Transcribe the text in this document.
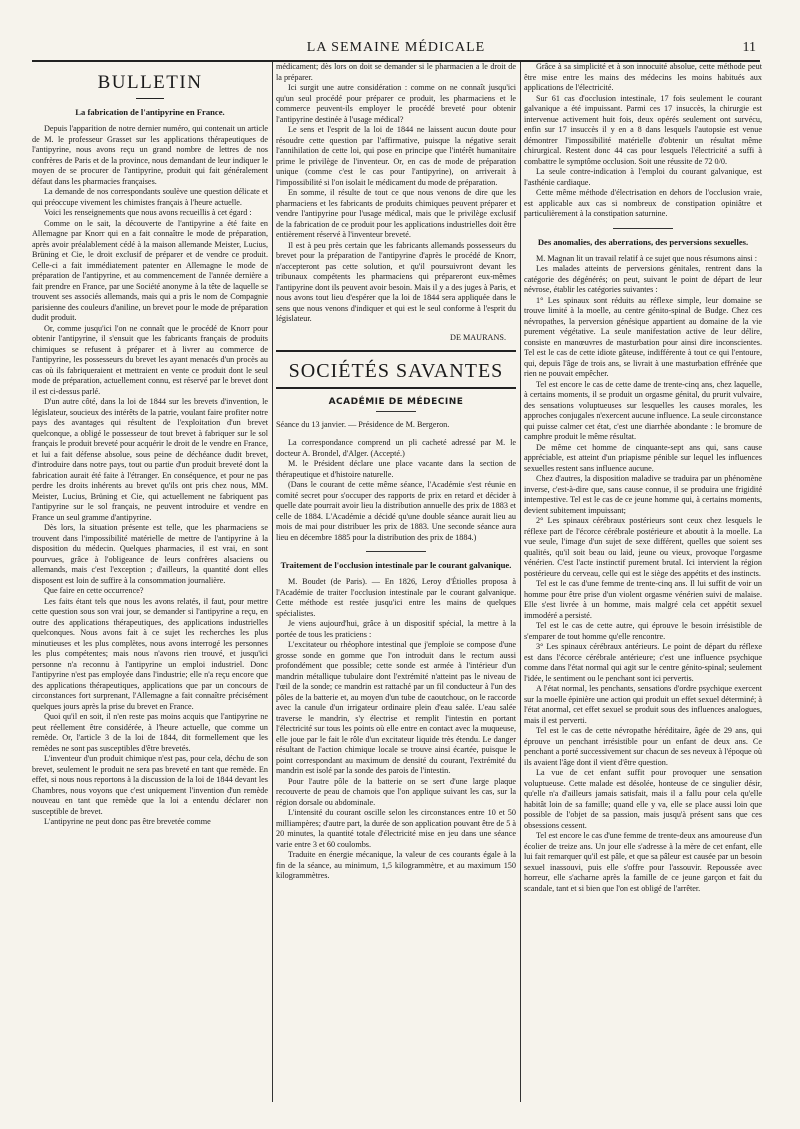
LA SEMAINE MÉDICALE	11
BULLETIN
La fabrication de l'antipyrine en France.

Depuis l'apparition de notre dernier numéro, qui contenait un article de M. le professeur Grasset sur les applications thérapeutiques de l'antipyrine, nous avons reçu un grand nombre de lettres de nos confrères de Paris et de la province, nous demandant de leur indiquer le moyen de se procurer de l'antipyrine, produit qui fait généralement défaut dans les pharmacies françaises.

La demande de nos correspondants soulève une question délicate et qui préoccupe vivement les chimistes français à l'heure actuelle.

Voici les renseignements que nous avons recueillis à cet égard :

Comme on le sait, la découverte de l'antipyrine a été faite en Allemagne par Knorr qui en a fait connaître le mode de préparation, après avoir préalablement cédé à la maison allemande Meister, Lucius, Brüning et Cie, le droit exclusif de préparer et de vendre ce produit. Celle-ci a fait immédiatement patenter en Allemagne le mode de préparation de l'antipyrine, et au commencement de l'année dernière a fait prendre en France, par une Société anonyme à la tête de laquelle se trouvent ses associés allemands, mais qui a pris le nom de Compagnie parisienne des couleurs d'aniline, un brevet pour le mode de préparation dudit produit.

Or, comme jusqu'ici l'on ne connaît que le procédé de Knorr pour obtenir l'antipyrine, il s'ensuit que les fabricants français de produits chimiques se refusent à préparer et à livrer au commerce de l'antipyrine, les possesseurs du brevet les ayant menacés d'un procès au cas où ils fabriqueraient et mettraient en vente ce produit dont le seul mode de préparation, actuellement connu, est réservé par le brevet dont il est ci-dessus parlé.

D'un autre côté, dans la loi de 1844 sur les brevets d'invention, le législateur, soucieux des intérêts de la patrie, voulant faire profiter notre pays des avantages qui résultent de l'exploitation d'un brevet quelconque, a obligé le possesseur de tout brevet à fabriquer sur le sol français le produit breveté pour acquérir le droit de le vendre en France, et lui a fait défense absolue, sous peine de déchéance dudit brevet, d'introduire dans notre pays, tout ou partie d'un produit breveté dont la fabrication aurait été faite à l'étranger. En conséquence, et pour ne pas perdre les droits inhérents au brevet qu'ils ont pris chez nous, MM. Meister, Lucius, Brüning et Cie, qui actuellement ne fabriquent pas l'antipyrine sur le sol français, ne peuvent introduire et vendre en France un seul gramme d'antipyrine.

Dès lors, la situation présente est telle, que les pharmaciens se trouvent dans l'impossibilité matérielle de mettre de l'antipyrine à la disposition du médecin. Quelques pharmacies, il est vrai, en sont pourvues, grâce à l'obligeance de leurs confrères alsaciens ou allemands, mais c'est l'exception ; d'ailleurs, la quantité dont elles disposent est loin de suffire à la consommation journalière.

Que faire en cette occurrence?

Les faits étant tels que nous les avons relatés, il faut, pour mettre cette question sous son vrai jour, se demander si l'antipyrine a reçu, en outre des applications thérapeutiques, des applications industrielles quelconques. Nous avons fait à ce sujet les recherches les plus minutieuses et les plus complètes, nous avons interrogé les personnes les plus compétentes; mais nous n'avons rien trouvé, et jusqu'ici personne n'a reconnu à l'antipyrine un emploi industriel. Donc l'antipyrine n'est pas employée dans l'industrie; elle n'a reçu encore que des applications thérapeutiques, applications que par un concours de circonstances fort surprenant, l'Allemagne a fait connaître précisément quelques jours après la prise du brevet en France.

Quoi qu'il en soit, il n'en reste pas moins acquis que l'antipyrine ne peut réellement être considérée, à l'heure actuelle, que comme un remède. Or, l'article 3 de la loi de 1844, dit formellement que les remèdes ne sont pas susceptibles d'être brevetés.

L'inventeur d'un produit chimique n'est pas, pour cela, déchu de son brevet, seulement le produit ne sera pas breveté en tant que remède. En effet, si nous nous reportons à la discussion de la loi de 1844 devant les Chambres, nous voyons que c'est uniquement l'invention d'un remède nouveau en tant que remède que la loi a entendu déclarer non susceptible de brevet.

L'antipyrine ne peut donc pas être brevetée comme

médicament; dès lors on doit se demander si le pharmacien a le droit de la préparer.

Ici surgit une autre considération : comme on ne connaît jusqu'ici qu'un seul procédé pour préparer ce produit, les pharmaciens et le commerce peuvent-ils employer le procédé breveté pour obtenir l'antipyrine destinée à l'usage médical?

Le sens et l'esprit de la loi de 1844 ne laissent aucun doute pour résoudre cette question par l'affirmative, puisque la négative serait l'annihilation de cette loi, qui pose en principe que l'intérêt humanitaire prime le privilège de l'inventeur. Or, en cas de mode de préparation unique (comme c'est le cas pour l'antipyrine), on arriverait à l'impossibilité si l'on isolait le médicament du mode de préparation.

En somme, il résulte de tout ce que nous venons de dire que les pharmaciens et les fabricants de produits chimiques peuvent préparer et vendre l'antipyrine pour l'usage médical, mais que le privilège exclusif de la fabrication de ce produit pour les applications industrielles doit être entièrement réservé à l'inventeur breveté.

Il est à peu près certain que les fabricants allemands possesseurs du brevet pour la préparation de l'antipyrine d'après le procédé de Knorr, n'accepteront pas cette solution, et qu'il poursuivront devant les tribunaux compétents les pharmaciens qui prépareront eux-mêmes l'antipyrine dont ils peuvent avoir besoin. Mais il y a des juges à Paris, et nous avons tout lieu d'espérer que la loi de 1844 sera appliquée dans le sens que nous venons d'indiquer et qui est le seul conforme à l'esprit du législateur.

DE MAURANS.
SOCIÉTÉS SAVANTES
ACADÉMIE DE MÉDECINE

Séance du 13 janvier. — Présidence de M. Bergeron.

La correspondance comprend un pli cacheté adressé par M. le docteur A. Brondel, d'Alger. (Accepté.)

M. le Président déclare une place vacante dans la section de thérapeutique et d'histoire naturelle.

(Dans le courant de cette même séance, l'Académie s'est réunie en comité secret pour s'occuper des rapports de prix en retard et décider à quelle date pourrait avoir lieu la distribution annuelle des prix de 1883 et celle de 1884. L'Académie a décidé qu'une double séance aurait lieu au mois de mai pour distribuer les prix de 1883. Une seconde séance aura lieu en décembre 1885 pour la distribution des prix de 1884.)

Traitement de l'occlusion intestinale par le courant galvanique.

M. Boudet (de Paris). — En 1826, Leroy d'Étiolles proposa à l'Académie de traiter l'occlusion intestinale par le courant galvanique. Cette méthode est restée jusqu'ici entre les mains de quelques spécialistes.

Je viens aujourd'hui, grâce à un dispositif spécial, la mettre à la portée de tous les praticiens :

L'excitateur ou rhéophore intestinal que j'emploie se compose d'une grosse sonde en gomme que l'on introduit dans le rectum aussi profondément que possible; cette sonde est armée à l'intérieur d'un mandrin métallique tubulaire dont l'extrémité n'atteint pas le niveau de l'œil de la sonde; ce mandrin est rattaché par un fil conducteur à l'un des pôles de la batterie et, au moyen d'un tube de caoutchouc, on le raccorde avec la canule d'un irrigateur ordinaire plein d'eau salée. L'eau salée traverse le mandrin, s'y électrise et remplit l'intestin en portant l'électricité sur tous les points où elle entre en contact avec la muqueuse, elle joue par le fait le rôle d'un excitateur liquide très étendu. Le danger résultant de l'action chimique locale se trouve ainsi écartée, puisque le point correspondant au maximum de densité du courant, l'extrémité du mandrin est isolé par la sonde des parois de l'intestin.

Pour l'autre pôle de la batterie on se sert d'une large plaque recouverte de peau de chamois que l'on applique suivant les cas, sur la région dorsale ou abdominale.

L'intensité du courant oscille selon les circonstances entre 10 et 50 milliampères; d'autre part, la durée de son application pouvant être de 5 à 20 minutes, la quantité totale d'électricité mise en jeu dans une séance varie entre 3 et 60 coulombs.

Traduite en énergie mécanique, la valeur de ces courants égale à la fin de la séance, au minimum, 1,5 kilogrammètre, et au maximum 150 kilogrammètres.

Grâce à sa simplicité et à son innocuité absolue, cette méthode peut être mise entre les mains des médecins les moins habitués aux applications de l'électricité.

Sur 61 cas d'occlusion intestinale, 17 fois seulement le courant galvanique a été impuissant. Parmi ces 17 insuccès, la chirurgie est intervenue activement huit fois, deux opérés seulement ont survécu, enfin sur 17 insuccès il y en a 8 dans lesquels l'autopsie est venue démontrer l'impossibilité matérielle d'obtenir un résultat même chirurgical. Restent donc 44 cas pour lesquels l'électricité a suffi à combattre le symptôme occlusion. Soit une réussite de 72 0/0.

La seule contre-indication à l'emploi du courant galvanique, est l'asthénie cardiaque.

Cette même méthode d'électrisation en dehors de l'occlusion vraie, est applicable aux cas si nombreux de constipation opiniâtre et particulièrement à la constipation saturnine.

Des anomalies, des aberrations, des perversions sexuelles.

M. Magnan lit un travail relatif à ce sujet que nous résumons ainsi :

Les malades atteints de perversions génitales, rentrent dans la catégorie des dégénérés; on peut, suivant le point de départ de leur névrose, établir les catégories suivantes :

1° Les spinaux sont réduits au réflexe simple, leur domaine se trouve limité à la moelle, au centre génito-spinal de Budge. Chez ces névropathes, la perversion génésique appartient au domaine de la vie purement végétative. La seule manifestation active de leur délire, consiste en manœuvres de masturbation pour ainsi dire inconscientes. Tel est le cas de cette idiote gâteuse, indifférente à tout ce qui l'entoure, qui, depuis l'âge de trois ans, se livrait à une masturbation effrénée que rien ne pouvait empêcher.

Tel est encore le cas de cette dame de trente-cinq ans, chez laquelle, à certains moments, il se produit un orgasme génital, du prurit vulvaire, des sensations voluptueuses sur lesquelles les causes morales, les approches conjugales n'exercent aucune influence. La seule circonstance qui puisse calmer cet état, c'est une diarrhée abondante : le bromure de camphre produit le même résultat.

De même cet homme de cinquante-sept ans qui, sans cause appréciable, est atteint d'un priapisme pénible sur lequel les influences sexuelles restent sans influence aucune.

Chez d'autres, la disposition maladive se traduira par un phénomène inverse, c'est-à-dire que, sans cause connue, il se produira une frigidité intempestive. Tel est le cas de ce jeune homme qui, à certains moments, devient subitement impuissant;

2° Les spinaux cérébraux postérieurs sont ceux chez lesquels le réflexe part de l'écorce cérébrale postérieure et aboutit à la moelle. La vue seule, l'image d'un sujet de sexe différent, quelles que soient ses qualités, qu'il soit beau ou laid, jeune ou vieux, provoque l'orgasme vénérien. C'est l'acte instinctif purement brutal. Ici intervient la région postérieure du cerveau, celle qui est le siège des appétits et des instincts.

Tel est le cas d'une femme de trente-cinq ans. Il lui suffit de voir un homme pour être prise d'un violent orgasme vénérien suivi de malaise. Elle s'est livrée à un homme, mais malgré cela cet appétit sexuel immodéré a persisté.

Tel est le cas de cette autre, qui éprouve le besoin irrésistible de s'emparer de tout homme qu'elle rencontre.

3° Les spinaux cérébraux antérieurs. Le point de départ du réflexe est dans l'écorce cérébrale antérieure; c'est une influence psychique comme dans l'état normal qui agit sur le centre génito-spinal; seulement l'idée, le sentiment ou le penchant sont ici pervertis.

A l'état normal, les penchants, sensations d'ordre psychique exercent sur la moelle épinière une action qui produit un effet sexuel déterminé; à l'état anormal, cet effet sexuel se produit sous des influences analogues, mais il est perverti.

Tel est le cas de cette névropathe héréditaire, âgée de 29 ans, qui éprouve un penchant irrésistible pour un enfant de deux ans. Ce penchant a porté successivement sur chacun de ses neveux à l'époque où ils avaient l'âge dont il vient d'être question.

La vue de cet enfant suffit pour provoquer une sensation voluptueuse. Cette malade est désolée, honteuse de ce singulier désir, qu'elle n'a d'ailleurs jamais satisfait, mais il a fallu pour cela qu'elle habitât loin de sa famille; quand elle y va, elle se place aussi loin que possible de l'objet de sa passion, mais jusqu'à présent sans que ces obsessions cessent.

Tel est encore le cas d'une femme de trente-deux ans amoureuse d'un écolier de treize ans. Un jour elle s'adresse à la mère de cet enfant, elle lui fait remarquer qu'il est pâle, et que sa pâleur est causée par un besoin sexuel inassouvi, puis elle s'offre pour l'assouvir. Repoussée avec horreur, elle s'acharne après la famille de ce jeune garçon et fait du scandale, tant et si bien que l'on est obligé de l'arrêter.
